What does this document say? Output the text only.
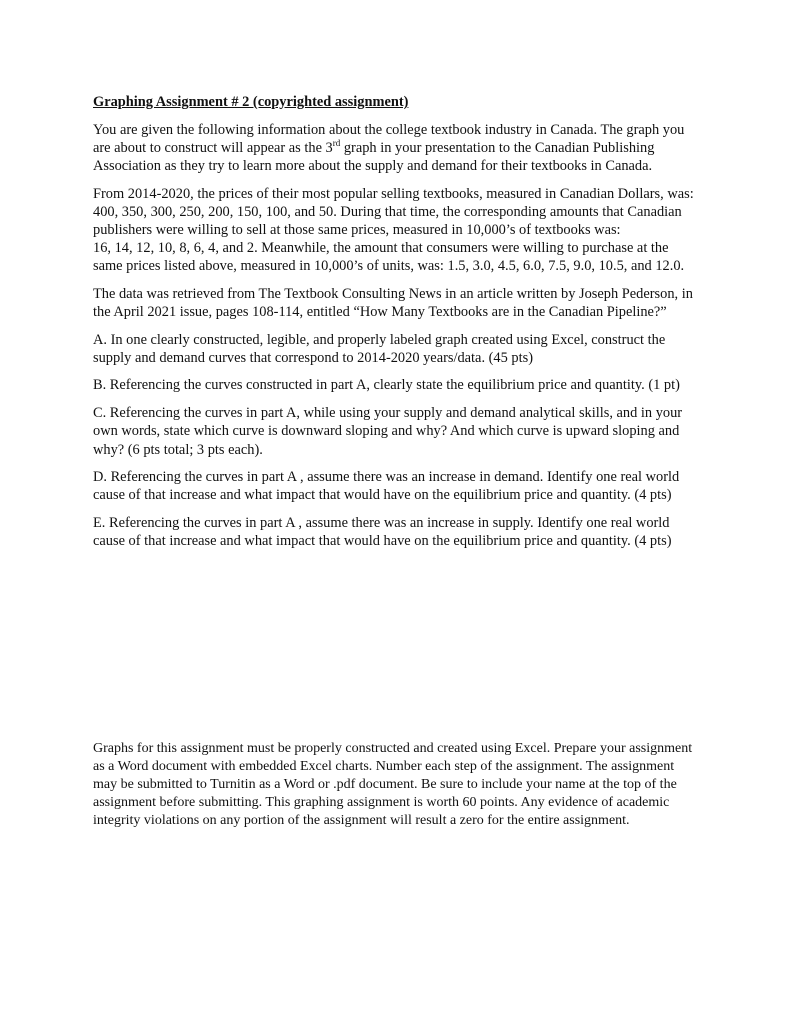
Graphing Assignment # 2 (copyrighted assignment)

You are given the following information about the college textbook industry in Canada. The graph you are about to construct will appear as the 3rd graph in your presentation to the Canadian Publishing Association as they try to learn more about the supply and demand for their textbooks in Canada.

From 2014-2020, the prices of their most popular selling textbooks, measured in Canadian Dollars, was: 400, 350, 300, 250, 200, 150, 100, and 50. During that time, the corresponding amounts that Canadian publishers were willing to sell at those same prices, measured in 10,000’s of textbooks was:

16, 14, 12, 10, 8, 6, 4, and 2. Meanwhile, the amount that consumers were willing to purchase at the same prices listed above, measured in 10,000’s of units, was: 1.5, 3.0, 4.5, 6.0, 7.5, 9.0, 10.5, and 12.0.

The data was retrieved from The Textbook Consulting News in an article written by Joseph Pederson, in the April 2021 issue, pages 108-114, entitled “How Many Textbooks are in the Canadian Pipeline?”

A. In one clearly constructed, legible, and properly labeled graph created using Excel, construct the supply and demand curves that correspond to 2014-2020 years/data. (45 pts)

B. Referencing the curves constructed in part A, clearly state the equilibrium price and quantity. (1 pt)

C. Referencing the curves in part A, while using your supply and demand analytical skills, and in your own words, state which curve is downward sloping and why? And which curve is upward sloping and why? (6 pts total; 3 pts each).

D. Referencing the curves in part A , assume there was an increase in demand. Identify one real world cause of that increase and what impact that would have on the equilibrium price and quantity. (4 pts)

E. Referencing the curves in part A , assume there was an increase in supply. Identify one real world cause of that increase and what impact that would have on the equilibrium price and quantity. (4 pts)

Graphs for this assignment must be properly constructed and created using Excel. Prepare your assignment as a Word document with embedded Excel charts. Number each step of the assignment. The assignment may be submitted to Turnitin as a Word or .pdf document. Be sure to include your name at the top of the assignment before submitting. This graphing assignment is worth 60 points. Any evidence of academic integrity violations on any portion of the assignment will result a zero for the entire assignment.
